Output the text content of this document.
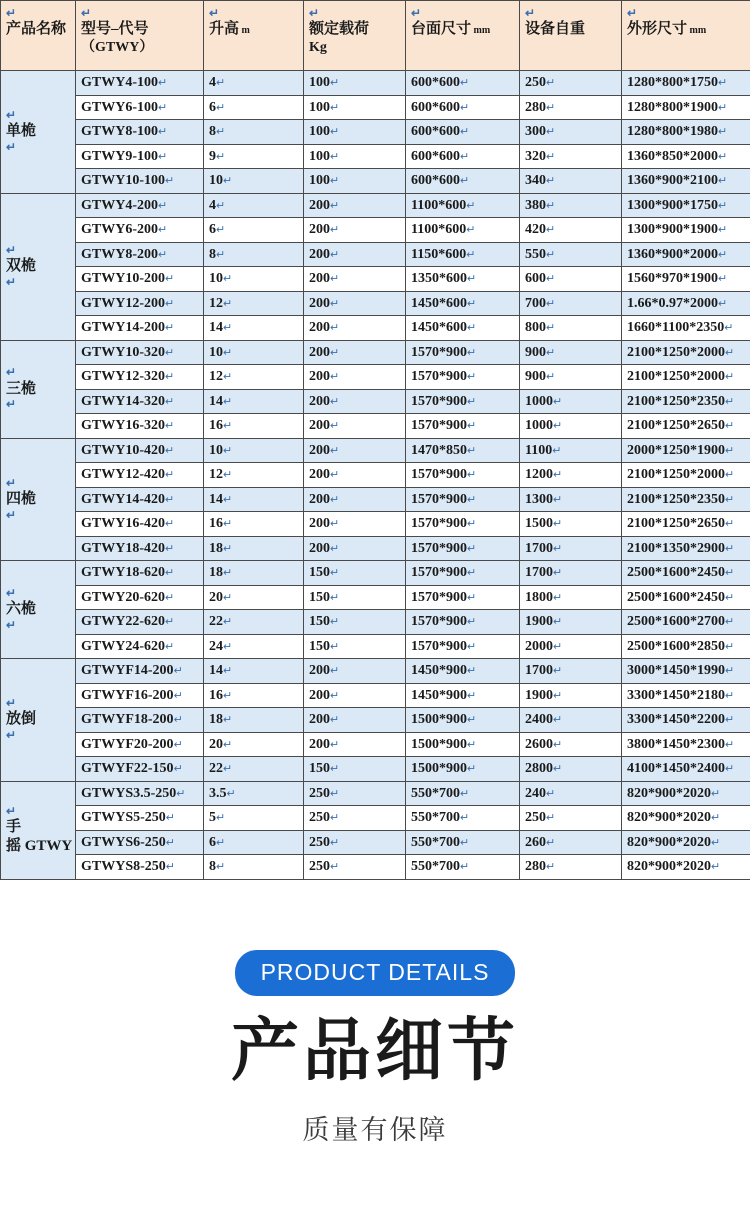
↵
产品名称	↵
型号–代号
（GTWY）	↵
升高 m	↵
额定载荷
Kg	↵
台面尺寸 mm	↵
设备自重	↵
外形尺寸 mm

↵
单桅
↵	GTWY4-100↵	4↵	100↵	600*600↵	250↵	1280*800*1750↵
	GTWY6-100↵	6↵	100↵	600*600↵	280↵	1280*800*1900↵
	GTWY8-100↵	8↵	100↵	600*600↵	300↵	1280*800*1980↵
	GTWY9-100↵	9↵	100↵	600*600↵	320↵	1360*850*2000↵
	GTWY10-100↵	10↵	100↵	600*600↵	340↵	1360*900*2100↵

↵
双桅
↵	GTWY4-200↵	4↵	200↵	1100*600↵	380↵	1300*900*1750↵
	GTWY6-200↵	6↵	200↵	1100*600↵	420↵	1300*900*1900↵
	GTWY8-200↵	8↵	200↵	1150*600↵	550↵	1360*900*2000↵
	GTWY10-200↵	10↵	200↵	1350*600↵	600↵	1560*970*1900↵
	GTWY12-200↵	12↵	200↵	1450*600↵	700↵	1.66*0.97*2000↵
	GTWY14-200↵	14↵	200↵	1450*600↵	800↵	1660*1100*2350↵

↵
三桅
↵	GTWY10-320↵	10↵	200↵	1570*900↵	900↵	2100*1250*2000↵
	GTWY12-320↵	12↵	200↵	1570*900↵	900↵	2100*1250*2000↵
	GTWY14-320↵	14↵	200↵	1570*900↵	1000↵	2100*1250*2350↵
	GTWY16-320↵	16↵	200↵	1570*900↵	1000↵	2100*1250*2650↵

↵
四桅
↵	GTWY10-420↵	10↵	200↵	1470*850↵	1100↵	2000*1250*1900↵
	GTWY12-420↵	12↵	200↵	1570*900↵	1200↵	2100*1250*2000↵
	GTWY14-420↵	14↵	200↵	1570*900↵	1300↵	2100*1250*2350↵
	GTWY16-420↵	16↵	200↵	1570*900↵	1500↵	2100*1250*2650↵
	GTWY18-420↵	18↵	200↵	1570*900↵	1700↵	2100*1350*2900↵

↵
六桅
↵	GTWY18-620↵	18↵	150↵	1570*900↵	1700↵	2500*1600*2450↵
	GTWY20-620↵	20↵	150↵	1570*900↵	1800↵	2500*1600*2450↵
	GTWY22-620↵	22↵	150↵	1570*900↵	1900↵	2500*1600*2700↵
	GTWY24-620↵	24↵	150↵	1570*900↵	2000↵	2500*1600*2850↵

↵
放倒
↵	GTWYF14-200↵	14↵	200↵	1450*900↵	1700↵	3000*1450*1990↵
	GTWYF16-200↵	16↵	200↵	1450*900↵	1900↵	3300*1450*2180↵
	GTWYF18-200↵	18↵	200↵	1500*900↵	2400↵	3300*1450*2200↵
	GTWYF20-200↵	20↵	200↵	1500*900↵	2600↵	3800*1450*2300↵
	GTWYF22-150↵	22↵	150↵	1500*900↵	2800↵	4100*1450*2400↵

↵
手
摇 GTWY	GTWYS3.5-250↵	3.5↵	250↵	550*700↵	240↵	820*900*2020↵
	GTWYS5-250↵	5↵	250↵	550*700↵	250↵	820*900*2020↵
	GTWYS6-250↵	6↵	250↵	550*700↵	260↵	820*900*2020↵
	GTWYS8-250↵	8↵	250↵	550*700↵	280↵	820*900*2020↵
PRODUCT DETAILS
产品细节
质量有保障
